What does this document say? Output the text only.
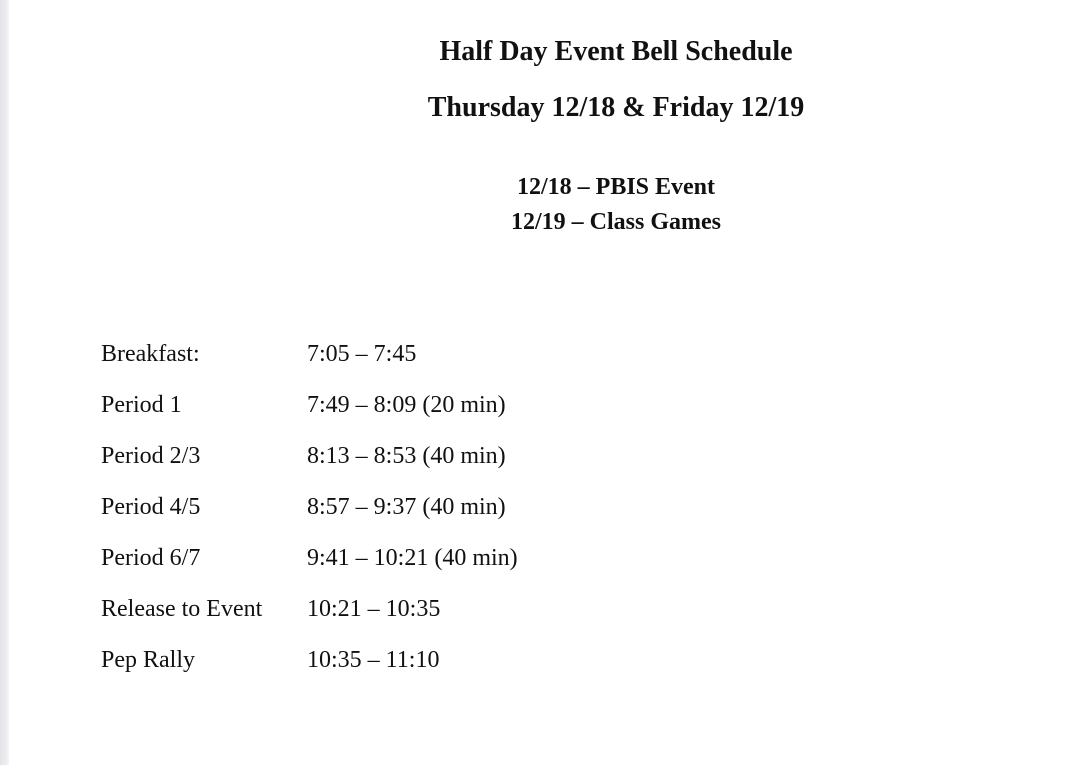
Half Day Event Bell Schedule
Thursday 12/18 & Friday 12/19
12/18 – PBIS Event
12/19 – Class Games
Breakfast:	7:05 – 7:45
Period 1	7:49 – 8:09 (20 min)
Period 2/3	8:13 – 8:53 (40 min)
Period 4/5	8:57 – 9:37 (40 min)
Period 6/7	9:41 – 10:21 (40 min)
Release to Event 10:21 – 10:35
Pep Rally	10:35 – 11:10
